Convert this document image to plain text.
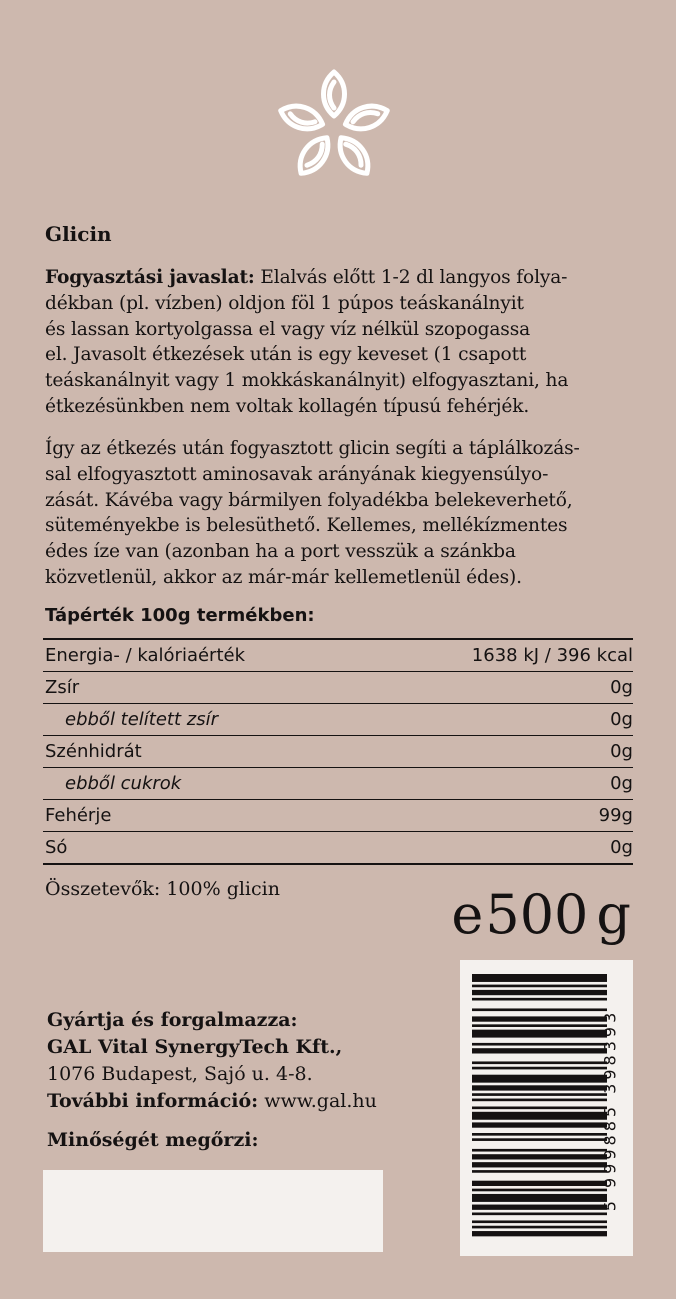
Glicin

Fogyasztási javaslat: Elalvás előtt 1-2 dl langyos folya-
dékban (pl. vízben) oldjon föl 1 púpos teáskanálnyit
és lassan kortyolgassa el vagy víz nélkül szopogassa
el. Javasolt étkezések után is egy keveset (1 csapott
teáskanálnyit vagy 1 mokkáskanálnyit) elfogyasztani, ha
étkezésünkben nem voltak kollagén típusú fehérjék.

Így az étkezés után fogyasztott glicin segíti a táplálkozás-
sal elfogyasztott aminosavak arányának kiegyensúlyo-
zását. Kávéba vagy bármilyen folyadékba belekeverhető,
süteményekbe is belesüthető. Kellemes, mellékízmentes
édes íze van (azonban ha a port vesszük a szánkba
közvetlenül, akkor az már-már kellemetlenül édes).

Tápérték 100g termékben:
Energia- / kalóriaérték	1638 kJ / 396 kcal
Zsír	0g
ebből telített zsír	0g
Szénhidrát	0g
ebből cukrok	0g
Fehérje	99g
Só	0g

Összetevők: 100% glicin	e 500 g
Gyártja és forgalmazza:
GAL Vital SynergyTech Kft.,
1076 Budapest, Sajó u. 4-8.
További információ: www.gal.hu

Minőségét megőrzi:	5 999885 398393
